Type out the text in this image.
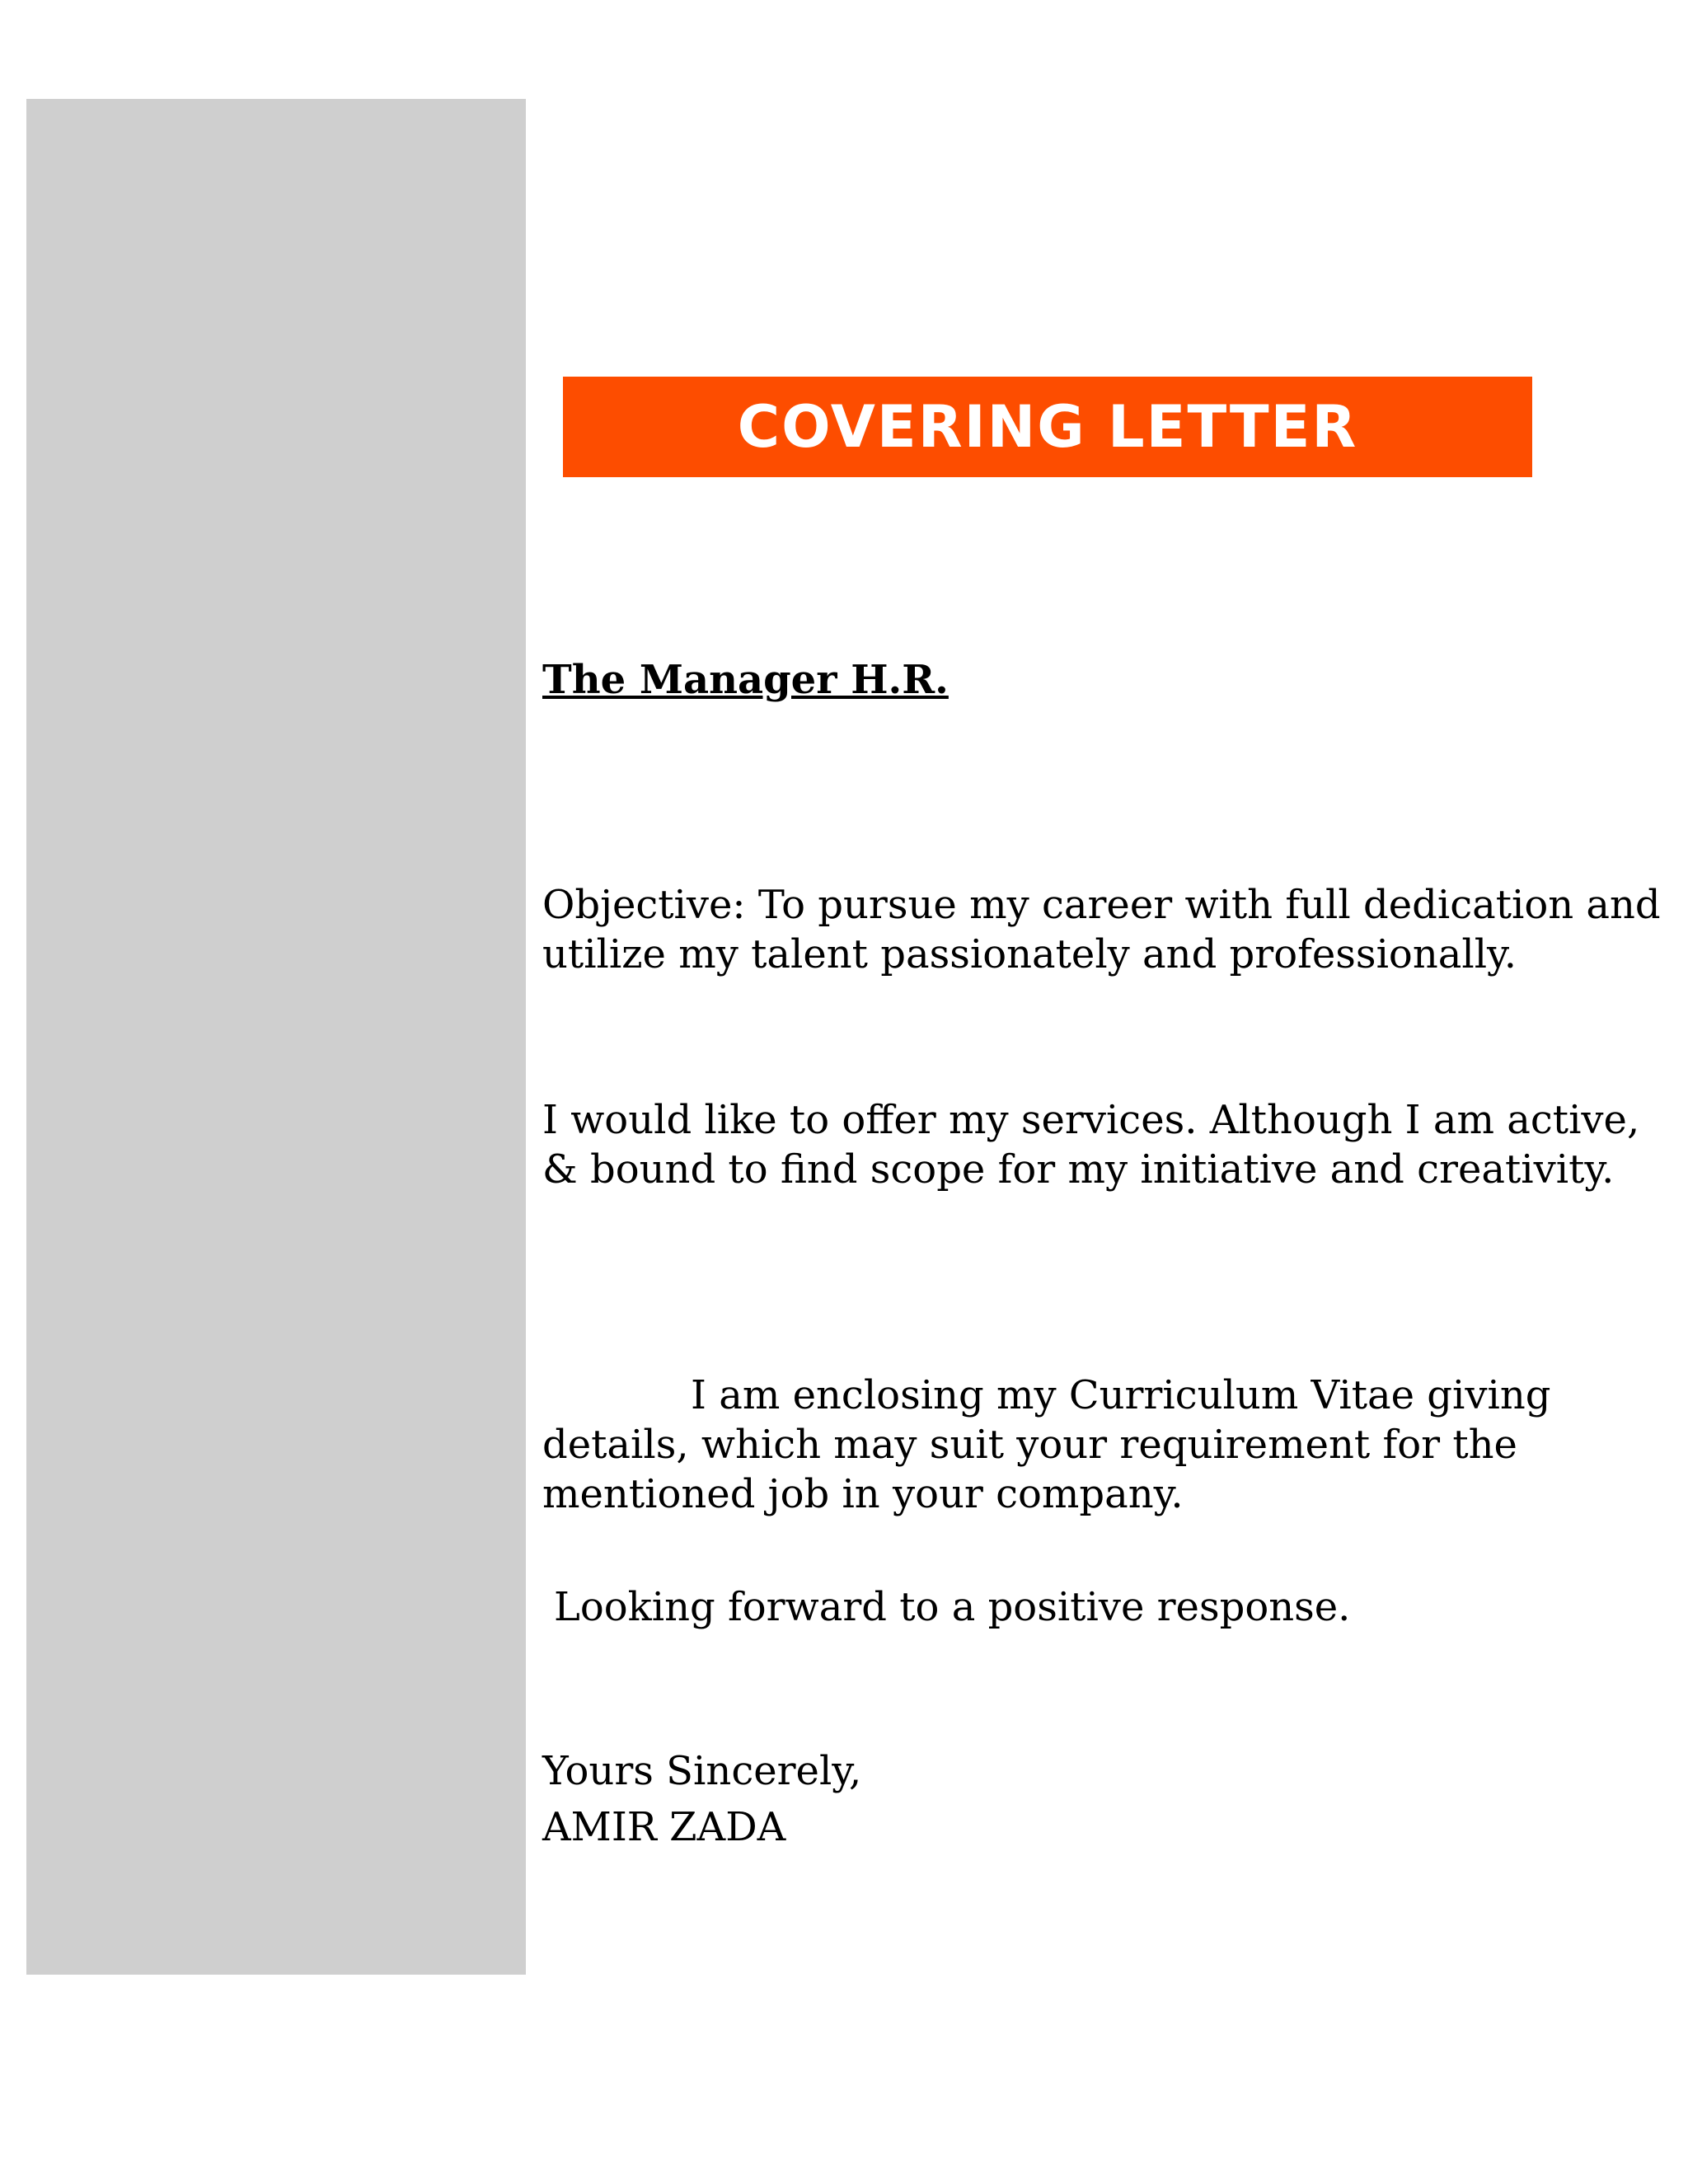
COVERING LETTER
The Manager H.R.

Objective: To pursue my career with full dedication and utilize my talent passionately and professionally.

I would like to offer my services. Although I am active, & bound to find scope for my initiative and creativity.

I am enclosing my Curriculum Vitae giving details, which may suit your requirement for the mentioned job in your company.

Looking forward to a positive response.

Yours Sincerely,

AMIR ZADA
